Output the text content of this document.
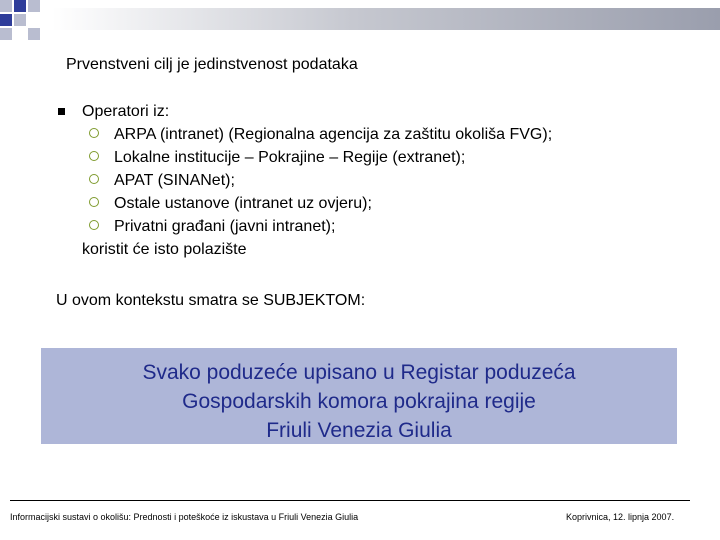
Prvenstveni cilj je jedinstvenost podataka
Operatori iz:
ARPA (intranet) (Regionalna agencija za zaštitu okoliša FVG);
Lokalne institucije – Pokrajine – Regije (extranet);
APAT (SINANet);
Ostale ustanove (intranet uz ovjeru);
Privatni građani (javni intranet);
koristit će isto polazište
U ovom kontekstu smatra se SUBJEKTOM:
Svako poduzeće upisano u Registar poduzeća
Gospodarskih komora pokrajina regije
Friuli Venezia Giulia
Informacijski sustavi o okolišu: Prednosti i poteškoće iz iskustava u Friuli Venezia Giulia	Koprivnica, 12. lipnja 2007.
